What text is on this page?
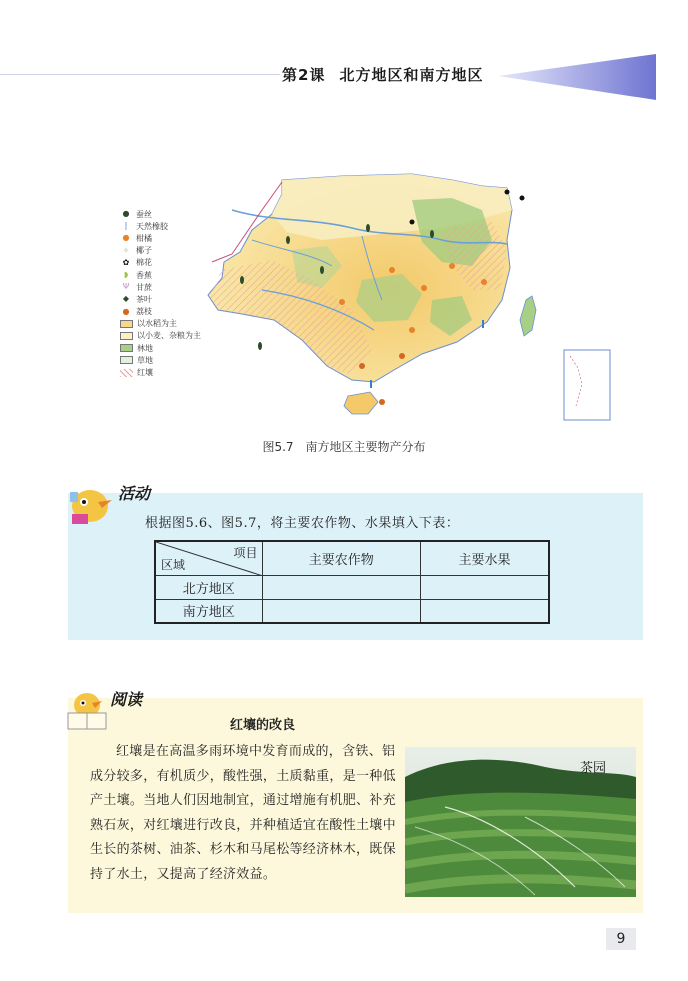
第2课 北方地区和南方地区
● 蚕丝
❘ 天然橡胶
● 柑橘
✧ 椰子
✿ 棉花
◗ 香蕉
Ψ 甘蔗
◆ 茶叶
● 荔枝
以水稻为主
以小麦、杂粮为主
林地
草地
红壤
图5.7　南方地区主要物产分布
活动
根据图5.6、图5.7，将主要农作物、水果填入下表：
项目
区域	主要农作物	主要水果
北方地区		
南方地区		
阅读
红壤的改良
红壤是在高温多雨环境中发育而成的，含铁、铝成分较多，有机质少，酸性强，土质黏重，是一种低产土壤。当地人们因地制宜，通过增施有机肥、补充熟石灰，对红壤进行改良，并种植适宜在酸性土壤中生长的茶树、油茶、杉木和马尾松等经济林木，既保持了水土，又提高了经济效益。
茶园
9
